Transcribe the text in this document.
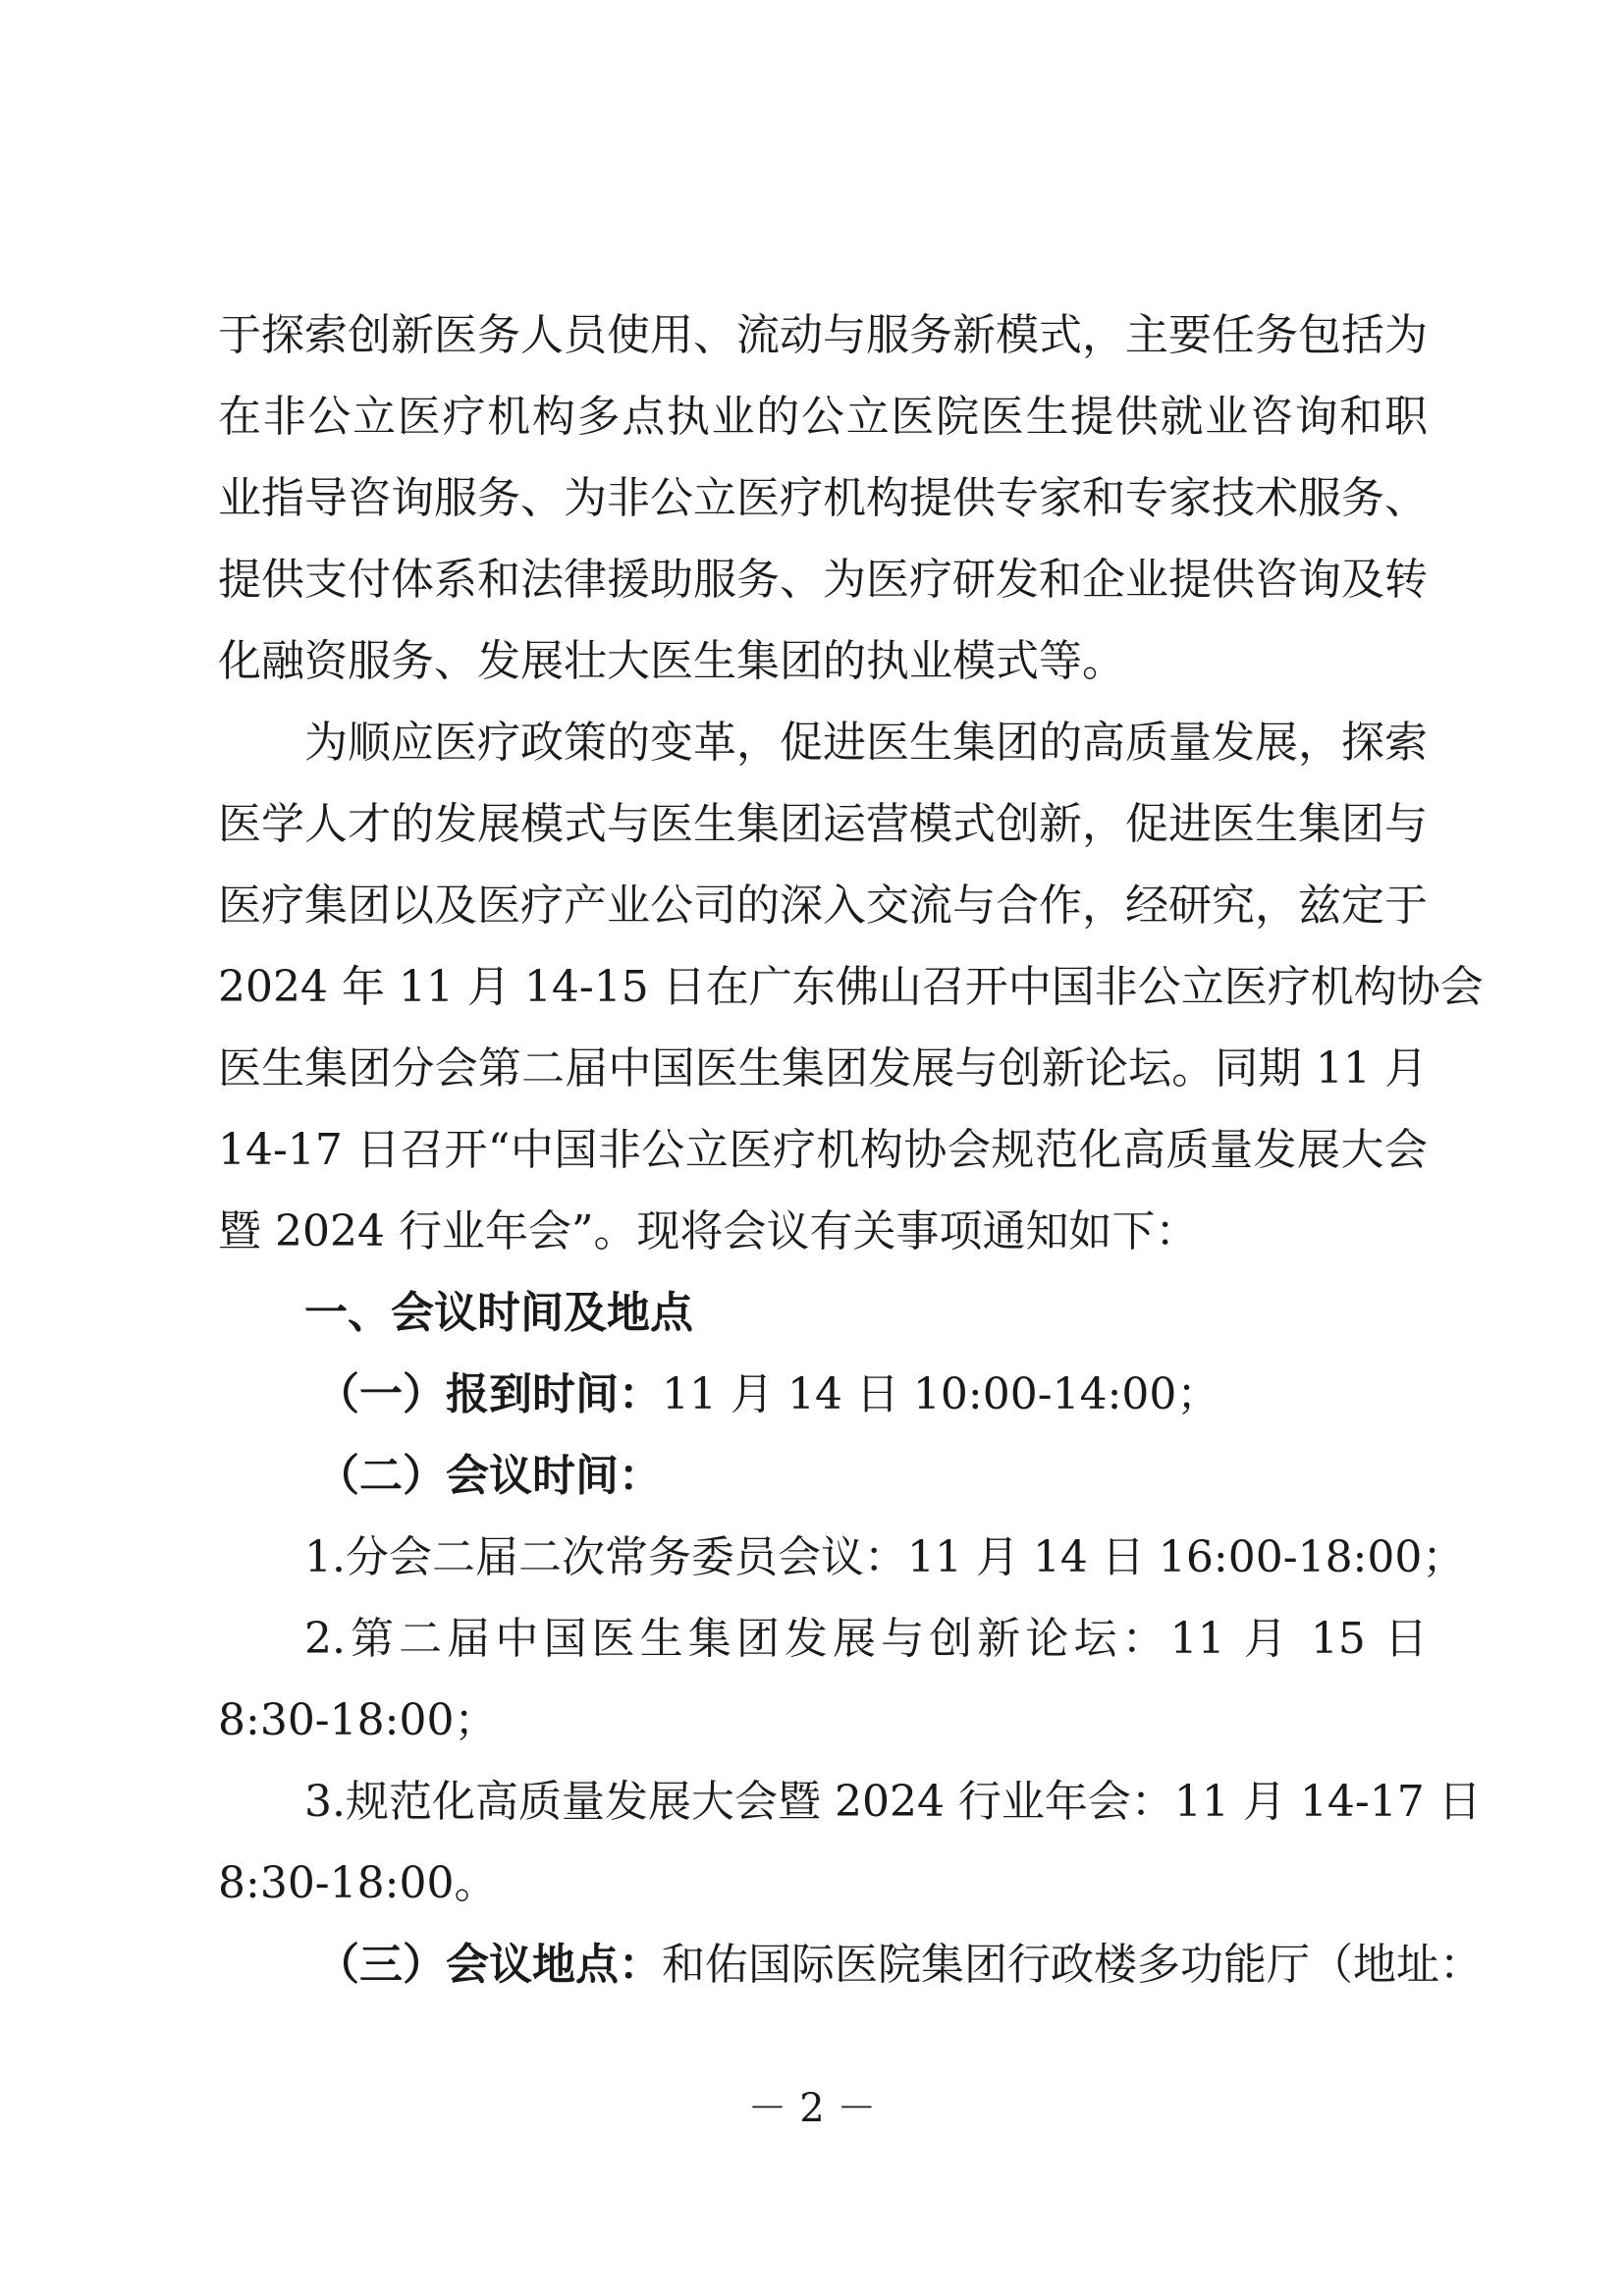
于探索创新医务人员使用、流动与服务新模式，主要任务包括为
在非公立医疗机构多点执业的公立医院医生提供就业咨询和职
业指导咨询服务、为非公立医疗机构提供专家和专家技术服务、
提供支付体系和法律援助服务、为医疗研发和企业提供咨询及转
化融资服务、发展壮大医生集团的执业模式等。
为顺应医疗政策的变革，促进医生集团的高质量发展，探索
医学人才的发展模式与医生集团运营模式创新，促进医生集团与
医疗集团以及医疗产业公司的深入交流与合作，经研究，兹定于
2024 年 11 月 14-15 日在广东佛山召开中国非公立医疗机构协会
医生集团分会第二届中国医生集团发展与创新论坛。同期 11 月
14-17 日召开“中国非公立医疗机构协会规范化高质量发展大会
暨 2024 行业年会”。现将会议有关事项通知如下：
一、会议时间及地点
（一）报到时间：11 月 14 日 10:00-14:00；
（二）会议时间：
1.分会二届二次常务委员会议：11 月 14 日 16:00-18:00；
2.第二届中国医生集团发展与创新论坛：11 月 15 日
8:30-18:00；
3.规范化高质量发展大会暨 2024 行业年会：11 月 14-17 日
8:30-18:00。
（三）会议地点：和佑国际医院集团行政楼多功能厅（地址：
－ 2 －
